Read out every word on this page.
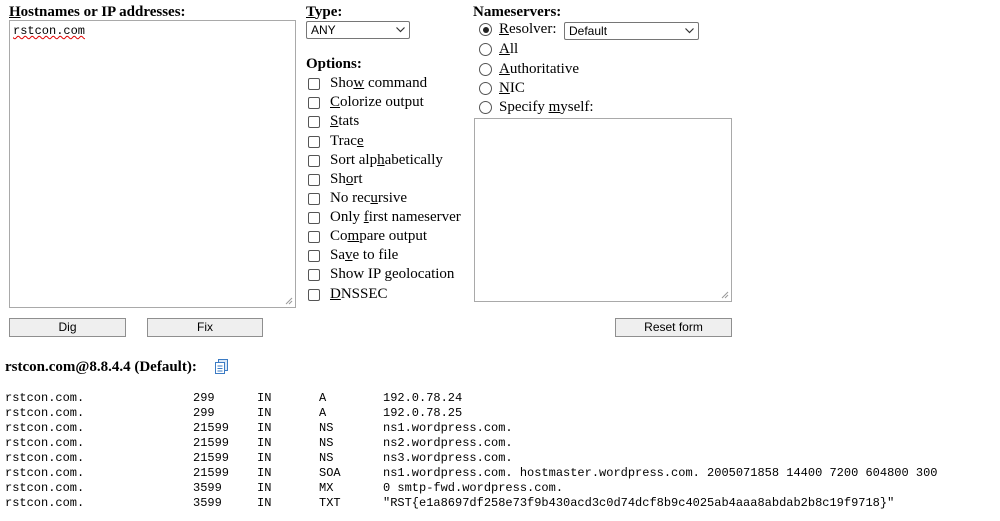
Hostnames or IP addresses:
rstcon.com
Type:
ANY
Options:
Show command
Colorize output
Stats
Trace
Sort alphabetically
Short
No recursive
Only first nameserver
Compare output
Save to file
Show IP geolocation
DNSSEC
Nameservers:
Resolver: Default
All
Authoritative
NIC
Specify myself:
Dig	Fix	Reset form
rstcon.com@8.8.4.4 (Default):
rstcon.com.	299	IN	A	192.0.78.24
rstcon.com.	299	IN	A	192.0.78.25
rstcon.com.	21599 IN	NS	ns1.wordpress.com.
rstcon.com.	21599 IN	NS	ns2.wordpress.com.
rstcon.com.	21599 IN	NS	ns3.wordpress.com.
rstcon.com.	21599 IN	SOA	ns1.wordpress.com. hostmaster.wordpress.com. 2005071858 14400 7200 604800 300
rstcon.com.	3599	IN	MX	0 smtp-fwd.wordpress.com.
rstcon.com.	3599	IN	TXT	"RST{e1a8697df258e73f9b430acd3c0d74dcf8b9c4025ab4aaa8abdab2b8c19f9718}"
